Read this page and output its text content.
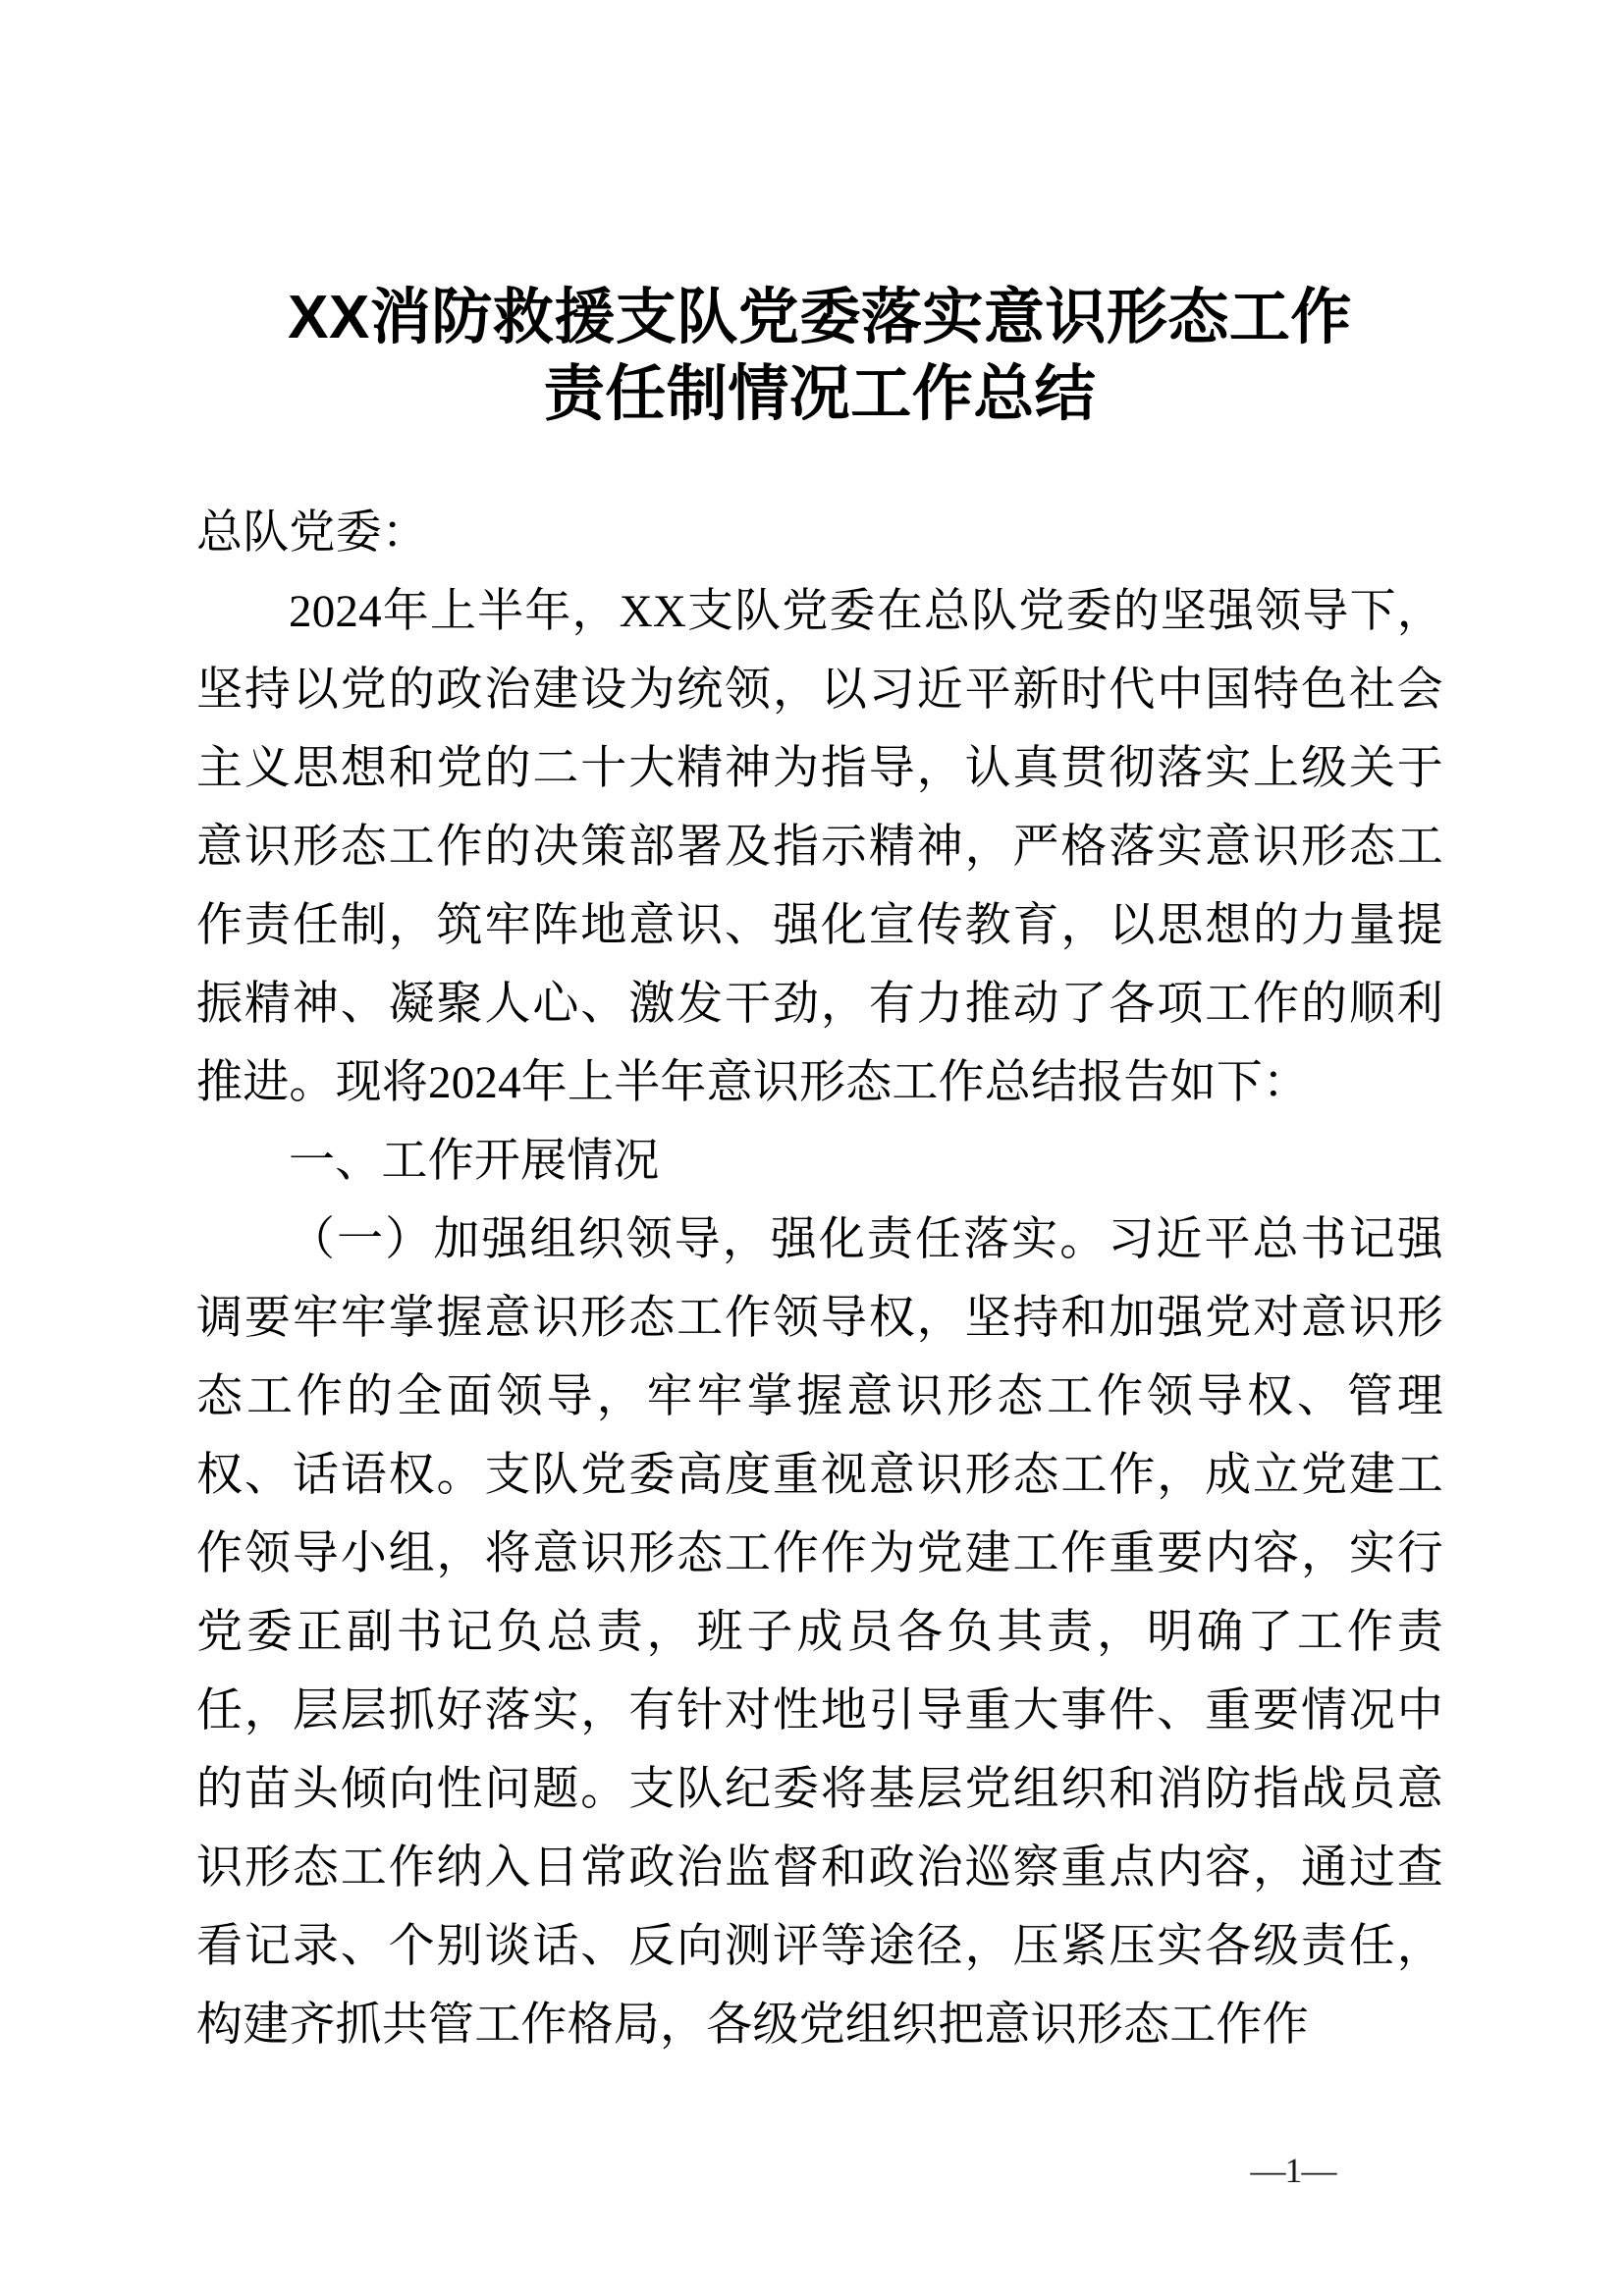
XX消防救援支队党委落实意识形态工作
责任制情况工作总结

总队党委：

2024年上半年，XX支队党委在总队党委的坚强领导下，坚持以党的政治建设为统领，以习近平新时代中国特色社会主义思想和党的二十大精神为指导，认真贯彻落实上级关于意识形态工作的决策部署及指示精神，严格落实意识形态工作责任制，筑牢阵地意识、强化宣传教育，以思想的力量提振精神、凝聚人心、激发干劲，有力推动了各项工作的顺利推进。现将2024年上半年意识形态工作总结报告如下：

一、工作开展情况

（一）加强组织领导，强化责任落实。习近平总书记强调要牢牢掌握意识形态工作领导权，坚持和加强党对意识形态工作的全面领导，牢牢掌握意识形态工作领导权、管理权、话语权。支队党委高度重视意识形态工作，成立党建工作领导小组，将意识形态工作作为党建工作重要内容，实行党委正副书记负总责，班子成员各负其责，明确了工作责任，层层抓好落实，有针对性地引导重大事件、重要情况中的苗头倾向性问题。支队纪委将基层党组织和消防指战员意识形态工作纳入日常政治监督和政治巡察重点内容，通过查看记录、个别谈话、反向测评等途径，压紧压实各级责任，构建齐抓共管工作格局，各级党组织把意识形态工作作

—1—
